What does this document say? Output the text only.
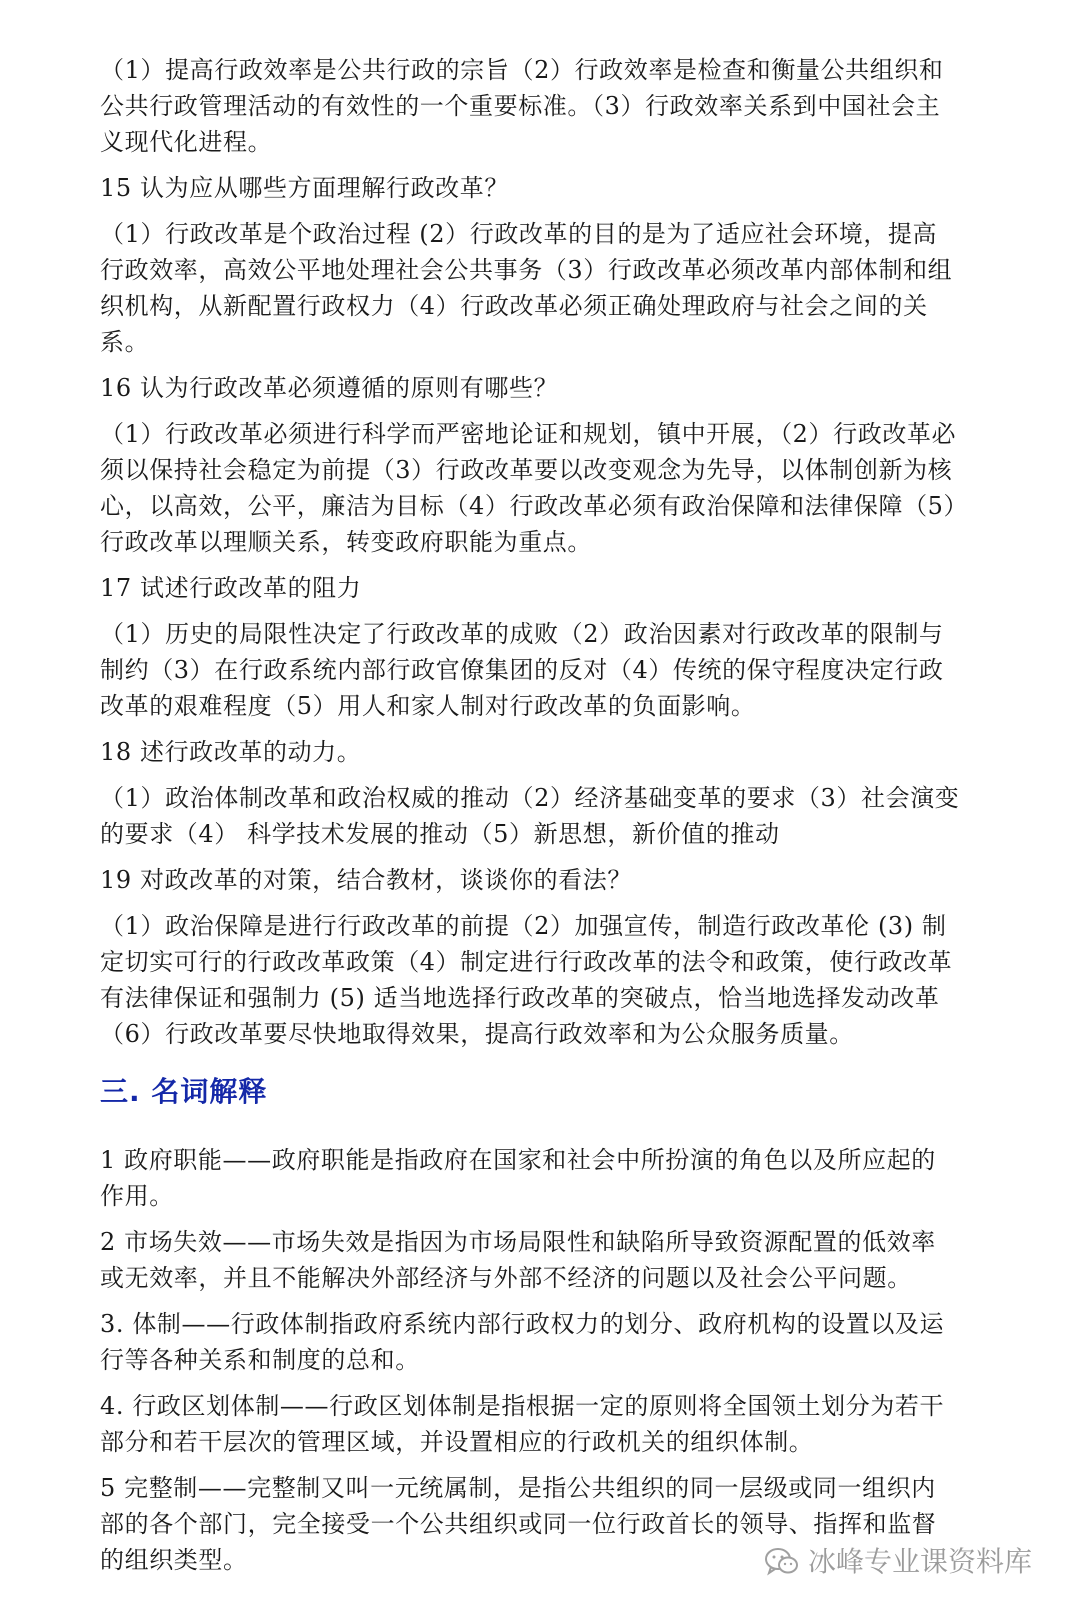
（1）提高行政效率是公共行政的宗旨（2）行政效率是检查和衡量公共组织和公共行政管理活动的有效性的一个重要标准。（3）行政效率关系到中国社会主义现代化进程。

15 认为应从哪些方面理解行政改革？

（1）行政改革是个政治过程 (2）行政改革的目的是为了适应社会环境，提高行政效率，高效公平地处理社会公共事务（3）行政改革必须改革内部体制和组织机构，从新配置行政权力（4）行政改革必须正确处理政府与社会之间的关系。

16 认为行政改革必须遵循的原则有哪些？

（1）行政改革必须进行科学而严密地论证和规划，镇中开展，（2）行政改革必须以保持社会稳定为前提（3）行政改革要以改变观念为先导，以体制创新为核心，以高效，公平，廉洁为目标（4）行政改革必须有政治保障和法律保障（5）行政改革以理顺关系，转变政府职能为重点。

17 试述行政改革的阻力

（1）历史的局限性决定了行政改革的成败（2）政治因素对行政改革的限制与制约（3）在行政系统内部行政官僚集团的反对（4）传统的保守程度决定行政改革的艰难程度（5）用人和家人制对行政改革的负面影响。

18 述行政改革的动力。

（1）政治体制改革和政治权威的推动（2）经济基础变革的要求（3）社会演变的要求（4） 科学技术发展的推动（5）新思想，新价值的推动

19 对政改革的对策，结合教材，谈谈你的看法？

（1）政治保障是进行行政改革的前提（2）加强宣传，制造行政改革伦 (3) 制定切实可行的行政改革政策（4）制定进行行政改革的法令和政策，使行政改革有法律保证和强制力 (5) 适当地选择行政改革的突破点，恰当地选择发动改革（6）行政改革要尽快地取得效果，提高行政效率和为公众服务质量。

三. 名词解释

1 政府职能——政府职能是指政府在国家和社会中所扮演的角色以及所应起的作用。

2 市场失效——市场失效是指因为市场局限性和缺陷所导致资源配置的低效率或无效率，并且不能解决外部经济与外部不经济的问题以及社会公平问题。

3. 体制——行政体制指政府系统内部行政权力的划分、政府机构的设置以及运行等各种关系和制度的总和。

4. 行政区划体制——行政区划体制是指根据一定的原则将全国领土划分为若干部分和若干层次的管理区域，并设置相应的行政机关的组织体制。

5 完整制——完整制又叫一元统属制，是指公共组织的同一层级或同一组织内部的各个部门，完全接受一个公共组织或同一位行政首长的领导、指挥和监督的组织类型。	冰峰专业课资料库
